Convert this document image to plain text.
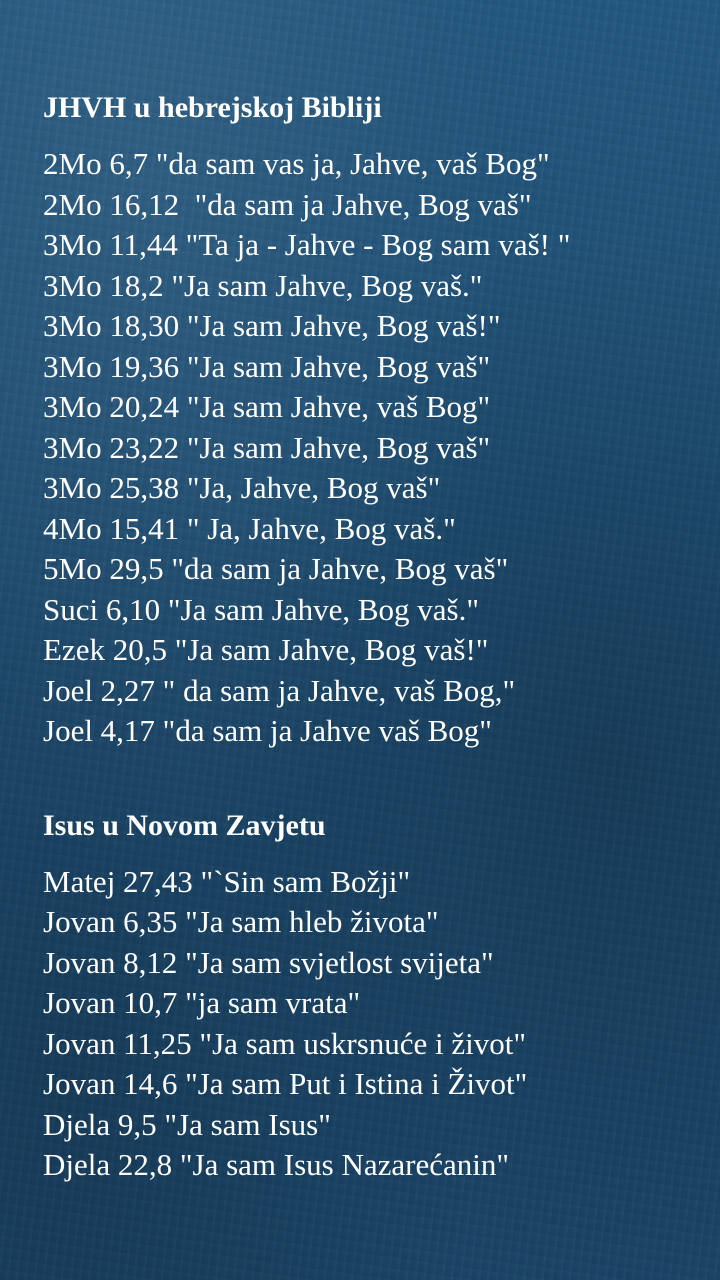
JHVH u hebrejskoj Bibliji
2Mo 6,7 "da sam vas ja, Jahve, vaš Bog"
2Mo 16,12  "da sam ja Jahve, Bog vaš"
3Mo 11,44 "Ta ja - Jahve - Bog sam vaš! "
3Mo 18,2 "Ja sam Jahve, Bog vaš."
3Mo 18,30 "Ja sam Jahve, Bog vaš!"
3Mo 19,36 "Ja sam Jahve, Bog vaš"
3Mo 20,24 "Ja sam Jahve, vaš Bog"
3Mo 23,22 "Ja sam Jahve, Bog vaš"
3Mo 25,38 "Ja, Jahve, Bog vaš"
4Mo 15,41 " Ja, Jahve, Bog vaš."
5Mo 29,5 "da sam ja Jahve, Bog vaš"
Suci 6,10 "Ja sam Jahve, Bog vaš."
Ezek 20,5 "Ja sam Jahve, Bog vaš!"
Joel 2,27 " da sam ja Jahve, vaš Bog,"
Joel 4,17 "da sam ja Jahve vaš Bog"
Isus u Novom Zavjetu
Matej 27,43 "`Sin sam Božji"
Jovan 6,35 "Ja sam hleb života"
Jovan 8,12 "Ja sam svjetlost svijeta"
Jovan 10,7 "ja sam vrata"
Jovan 11,25 "Ja sam uskrsnuće i život"
Jovan 14,6 "Ja sam Put i Istina i Život"
Djela 9,5 "Ja sam Isus"
Djela 22,8 "Ja sam Isus Nazarećanin"
